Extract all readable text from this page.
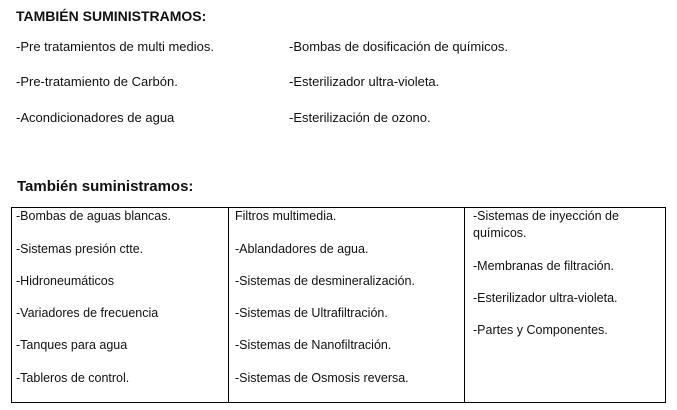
TAMBIÉN SUMINISTRAMOS:
-Pre tratamientos de multi medios.
-Pre-tratamiento de Carbón.
-Acondicionadores de agua
-Bombas de dosificación de químicos.
-Esterilizador ultra-violeta.
-Esterilización de ozono.
También suministramos:
-Bombas de aguas blancas.
-Sistemas presión ctte.
-Hidroneumáticos
-Variadores de frecuencia
-Tanques para agua
-Tableros de control.
Filtros multimedia.
-Ablandadores de agua.
-Sistemas de desmineralización.
-Sistemas de Ultrafiltración.
-Sistemas de Nanofiltración.
-Sistemas de Osmosis reversa.
-Sistemas de inyección de
químicos.
-Membranas de filtración.
-Esterilizador ultra-violeta.
-Partes y Componentes.
